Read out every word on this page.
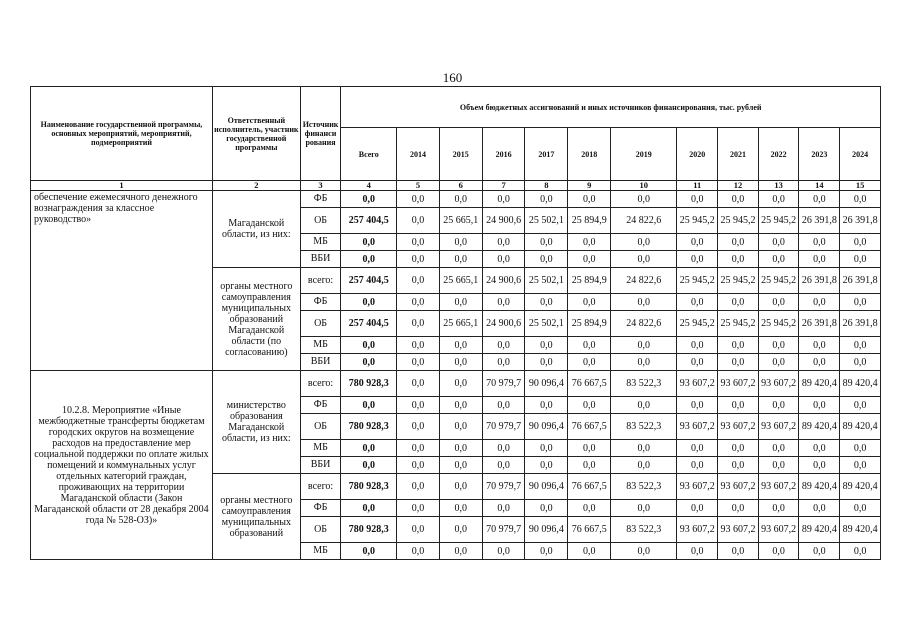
160
Наименование государственной программы, основных мероприятий, мероприятий, подмероприятий	Ответственный исполнитель, участник государственной программы	Источник финанси рования	Объем бюджетных ассигнований и иных источников финансирования, тыс. рублей											
			Всего	2014	2015	2016	2017	2018	2019	2020	2021	2022	2023	2024
1	2	3	4	5	6	7	8	9	10	11	12	13	14	15
обеспечение ежемесячного денежного вознаграждения за классное руководство»	Магаданской области, из них:	ФБ	0,0	0,0	0,0	0,0	0,0	0,0	0,0	0,0	0,0	0,0	0,0	0,0
		ОБ	257 404,5	0,0	25 665,1	24 900,6	25 502,1	25 894,9	24 822,6	25 945,2	25 945,2	25 945,2	26 391,8	26 391,8
		МБ	0,0	0,0	0,0	0,0	0,0	0,0	0,0	0,0	0,0	0,0	0,0	0,0
		ВБИ	0,0	0,0	0,0	0,0	0,0	0,0	0,0	0,0	0,0	0,0	0,0	0,0
	органы местного самоуправления муниципальных образований Магаданской области (по согласованию)	всего:	257 404,5	0,0	25 665,1	24 900,6	25 502,1	25 894,9	24 822,6	25 945,2	25 945,2	25 945,2	26 391,8	26 391,8
		ФБ	0,0	0,0	0,0	0,0	0,0	0,0	0,0	0,0	0,0	0,0	0,0	0,0
		ОБ	257 404,5	0,0	25 665,1	24 900,6	25 502,1	25 894,9	24 822,6	25 945,2	25 945,2	25 945,2	26 391,8	26 391,8
		МБ	0,0	0,0	0,0	0,0	0,0	0,0	0,0	0,0	0,0	0,0	0,0	0,0
		ВБИ	0,0	0,0	0,0	0,0	0,0	0,0	0,0	0,0	0,0	0,0	0,0	0,0
10.2.8. Мероприятие «Иные межбюджетные трансферты бюджетам городских округов на возмещение расходов на предоставление мер социальной поддержки по оплате жилых помещений и коммунальных услуг отдельных категорий граждан, проживающих на территории Магаданской области (Закон Магаданской области от 28 декабря 2004 года № 528-ОЗ)»	министерство образования Магаданской области, из них:	всего:	780 928,3	0,0	0,0	70 979,7	90 096,4	76 667,5	83 522,3	93 607,2	93 607,2	93 607,2	89 420,4	89 420,4
		ФБ	0,0	0,0	0,0	0,0	0,0	0,0	0,0	0,0	0,0	0,0	0,0	0,0
		ОБ	780 928,3	0,0	0,0	70 979,7	90 096,4	76 667,5	83 522,3	93 607,2	93 607,2	93 607,2	89 420,4	89 420,4
		МБ	0,0	0,0	0,0	0,0	0,0	0,0	0,0	0,0	0,0	0,0	0,0	0,0
		ВБИ	0,0	0,0	0,0	0,0	0,0	0,0	0,0	0,0	0,0	0,0	0,0	0,0
	органы местного самоуправления муниципальных образований	всего:	780 928,3	0,0	0,0	70 979,7	90 096,4	76 667,5	83 522,3	93 607,2	93 607,2	93 607,2	89 420,4	89 420,4
		ФБ	0,0	0,0	0,0	0,0	0,0	0,0	0,0	0,0	0,0	0,0	0,0	0,0
		ОБ	780 928,3	0,0	0,0	70 979,7	90 096,4	76 667,5	83 522,3	93 607,2	93 607,2	93 607,2	89 420,4	89 420,4
		МБ	0,0	0,0	0,0	0,0	0,0	0,0	0,0	0,0	0,0	0,0	0,0	0,0
